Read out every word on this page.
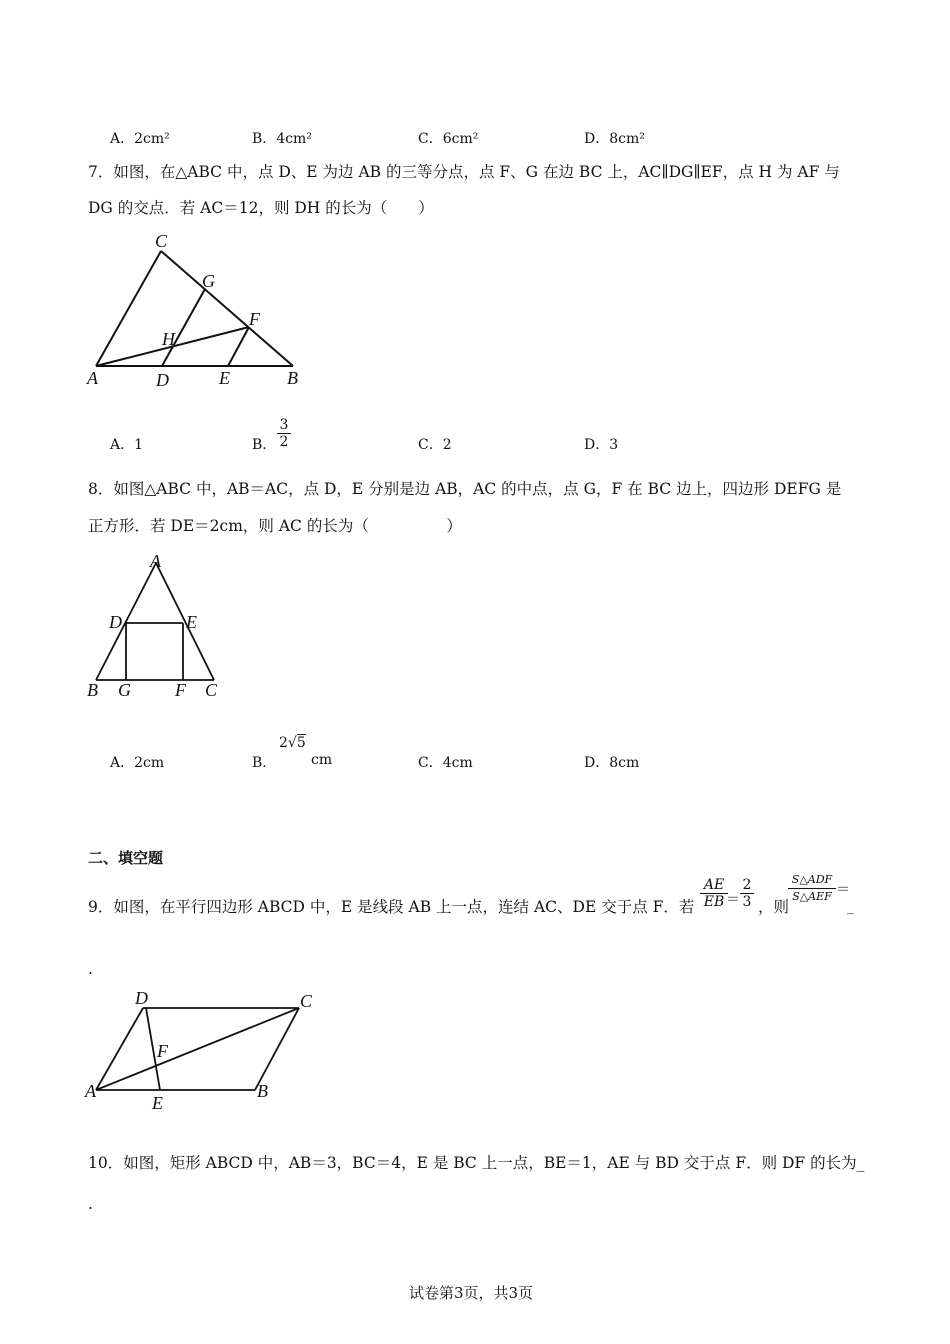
A．2cm²	B．4cm²	C．6cm²	D．8cm²
7．如图，在△ABC 中，点 D、E 为边 AB 的三等分点，点 F、G 在边 BC 上，AC∥DG∥EF，点 H 为 AF 与
DG 的交点．若 AC＝12，则 DH 的长为（　　）
C
G
F
H
A	D	E	B
A．1	B． $\frac{3}{2}$	C．2	D．3
8．如图△ABC 中，AB＝AC，点 D，E 分别是边 AB，AC 的中点，点 G，F 在 BC 边上，四边形 DEFG 是
正方形．若 DE＝2cm，则 AC 的长为（　　　　　）
A
D	E
B G F C
A．2cm	B．
2√5
cm	C．4cm	D．8cm
二、填空题
9．如图，在平行四边形 ABCD 中，E 是线段 AB 上一点，连结 AC、DE 交于点 F．若 $\frac{AE}{EB}$
＝ $\frac{2}{3}$ ，则
S△ADF
S△AEF ＝
_
.
D	C
F
A
E
B
10．如图，矩形 ABCD 中，AB＝3，BC＝4，E 是 BC 上一点，BE＝1，AE 与 BD 交于点 F．则 DF 的长为_
.
试卷第3页，共3页
